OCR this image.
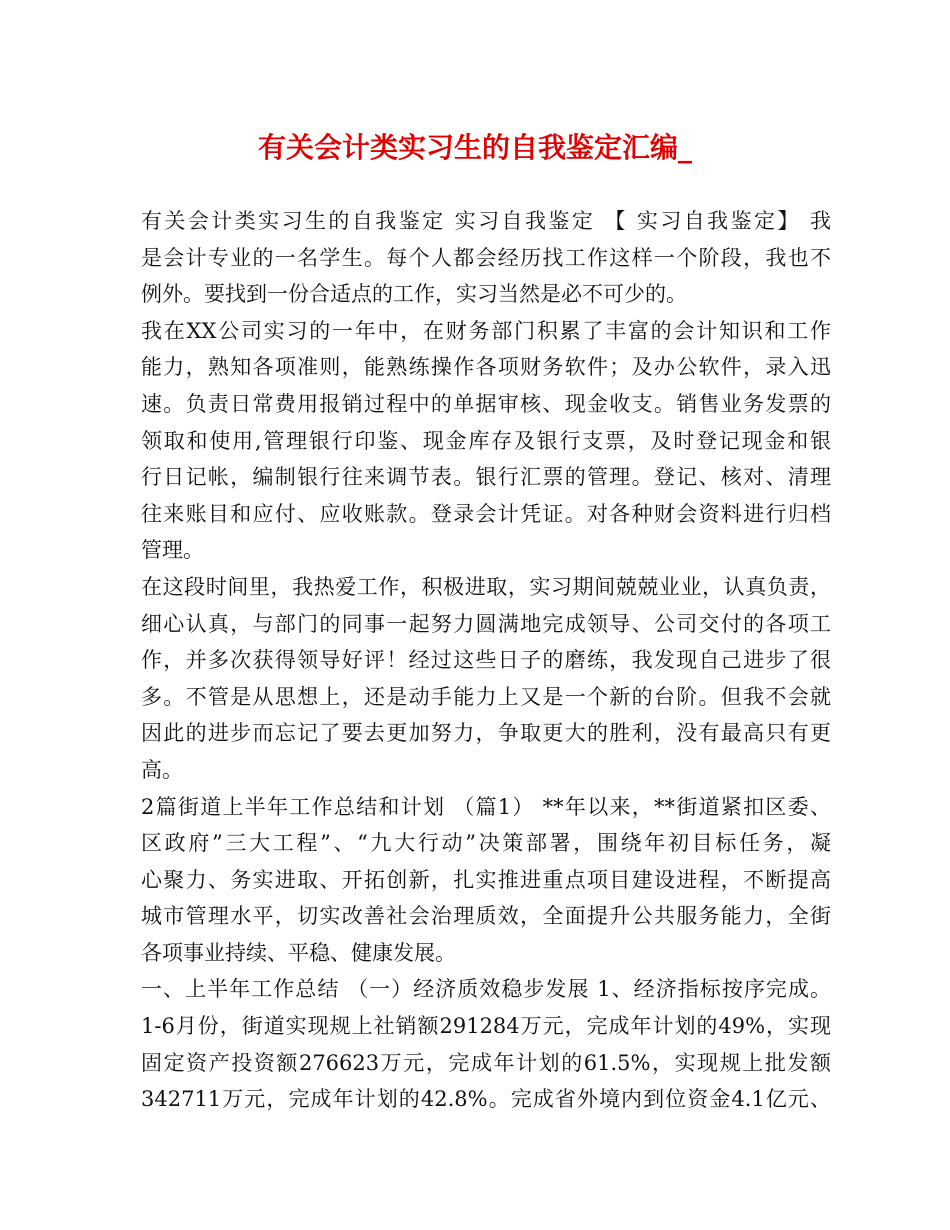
有关会计类实习生的自我鉴定汇编_
有关会计类实习生的自我鉴定 实习自我鉴定 【 实习自我鉴定】 我
是会计专业的一名学生。每个人都会经历找工作这样一个阶段，我也不
例外。要找到一份合适点的工作，实习当然是必不可少的。
我在XX公司实习的一年中，在财务部门积累了丰富的会计知识和工作
能力，熟知各项准则，能熟练操作各项财务软件；及办公软件，录入迅
速。负责日常费用报销过程中的单据审核、现金收支。销售业务发票的
领取和使用,管理银行印鉴、现金库存及银行支票，及时登记现金和银
行日记帐，编制银行往来调节表。银行汇票的管理。登记、核对、清理
往来账目和应付、应收账款。登录会计凭证。对各种财会资料进行归档
管理。
在这段时间里，我热爱工作，积极进取，实习期间兢兢业业，认真负责，
细心认真，与部门的同事一起努力圆满地完成领导、公司交付的各项工
作，并多次获得领导好评！经过这些日子的磨练，我发现自己进步了很
多。不管是从思想上，还是动手能力上又是一个新的台阶。但我不会就
因此的进步而忘记了要去更加努力，争取更大的胜利，没有最高只有更
高。
2篇街道上半年工作总结和计划 （篇1） **年以来，**街道紧扣区委、
区政府”三大工程”、“九大行动”决策部署，围绕年初目标任务，凝
心聚力、务实进取、开拓创新，扎实推进重点项目建设进程，不断提高
城市管理水平，切实改善社会治理质效，全面提升公共服务能力，全街
各项事业持续、平稳、健康发展。
一、上半年工作总结 （一）经济质效稳步发展 1、经济指标按序完成。
1-6月份，街道实现规上社销额291284万元，完成年计划的49%，实现
固定资产投资额276623万元，完成年计划的61.5%，实现规上批发额
342711万元，完成年计划的42.8%。完成省外境内到位资金4.1亿元、
